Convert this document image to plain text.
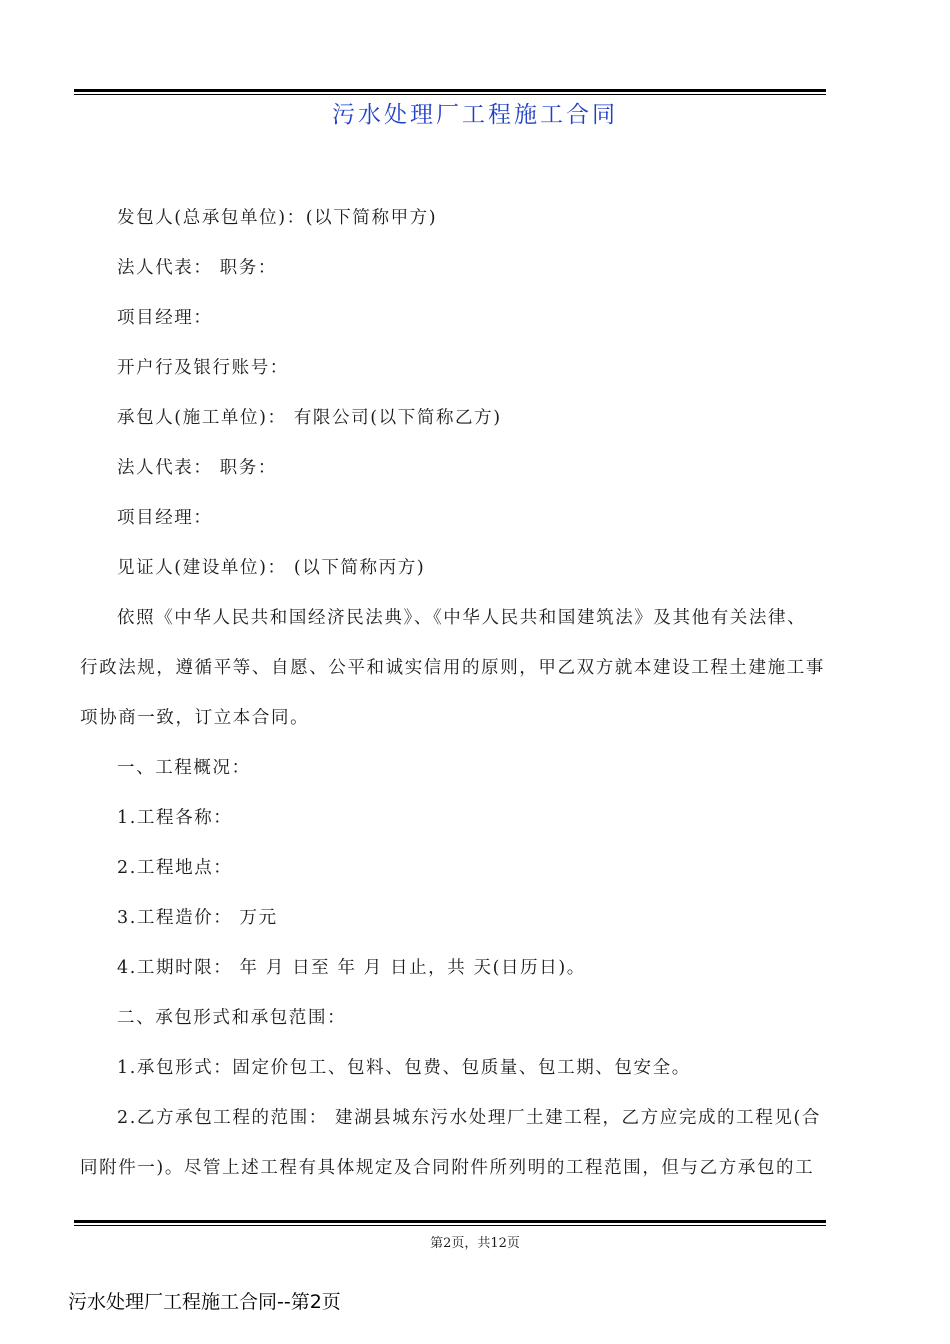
污水处理厂工程施工合同
发包人(总承包单位)：(以下简称甲方)
法人代表： 职务：
项目经理：
开户行及银行账号：
承包人(施工单位)： 有限公司(以下简称乙方)
法人代表： 职务：
项目经理：
见证人(建设单位)： (以下简称丙方)
依照《中华人民共和国经济民法典》、《中华人民共和国建筑法》及其他有关法律、
行政法规，遵循平等、自愿、公平和诚实信用的原则，甲乙双方就本建设工程土建施工事
项协商一致，订立本合同。
一、工程概况：
1.工程各称：
2.工程地点：
3.工程造价： 万元
4.工期时限： 年 月 日至 年 月 日止，共 天(日历日)。
二、承包形式和承包范围：
1.承包形式：固定价包工、包料、包费、包质量、包工期、包安全。
2.乙方承包工程的范围： 建湖县城东污水处理厂土建工程，乙方应完成的工程见(合
同附件一)。尽管上述工程有具体规定及合同附件所列明的工程范围，但与乙方承包的工
第2页，共12页
污水处理厂工程施工合同--第2页
